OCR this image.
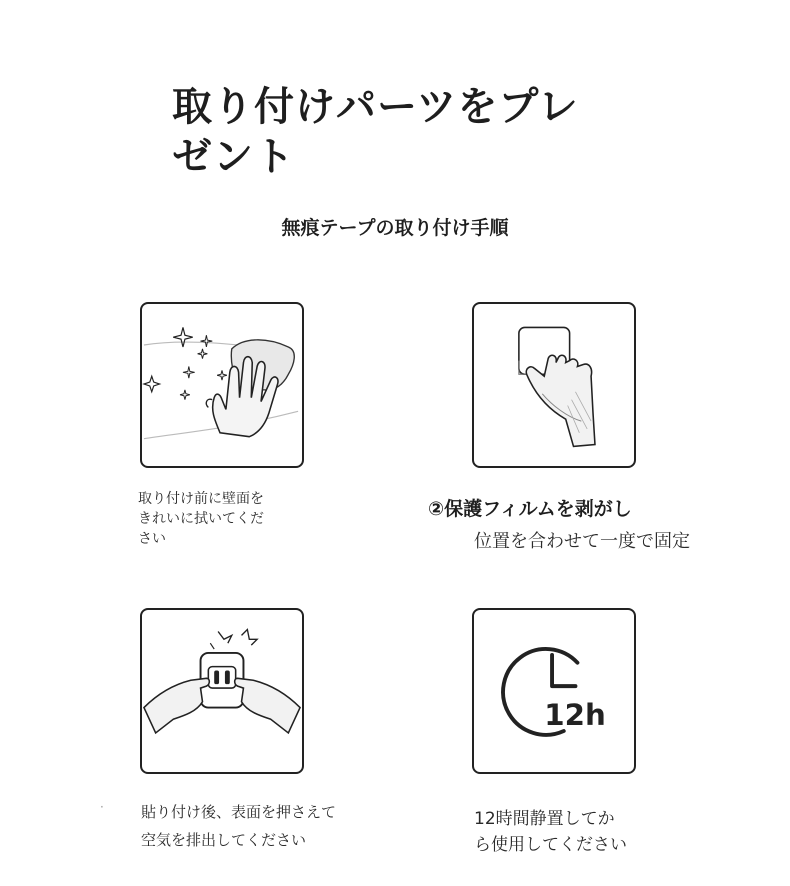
取り付けパーツをプレ
ゼント
無痕テープの取り付け手順
取り付け前に壁面を
きれいに拭いてくだ
さい
②保護フィルムを剥がし
位置を合わせて一度で固定
· 貼り付け後、表面を押さえて
空気を排出してください
12h
12時間静置してか
ら使用してください
